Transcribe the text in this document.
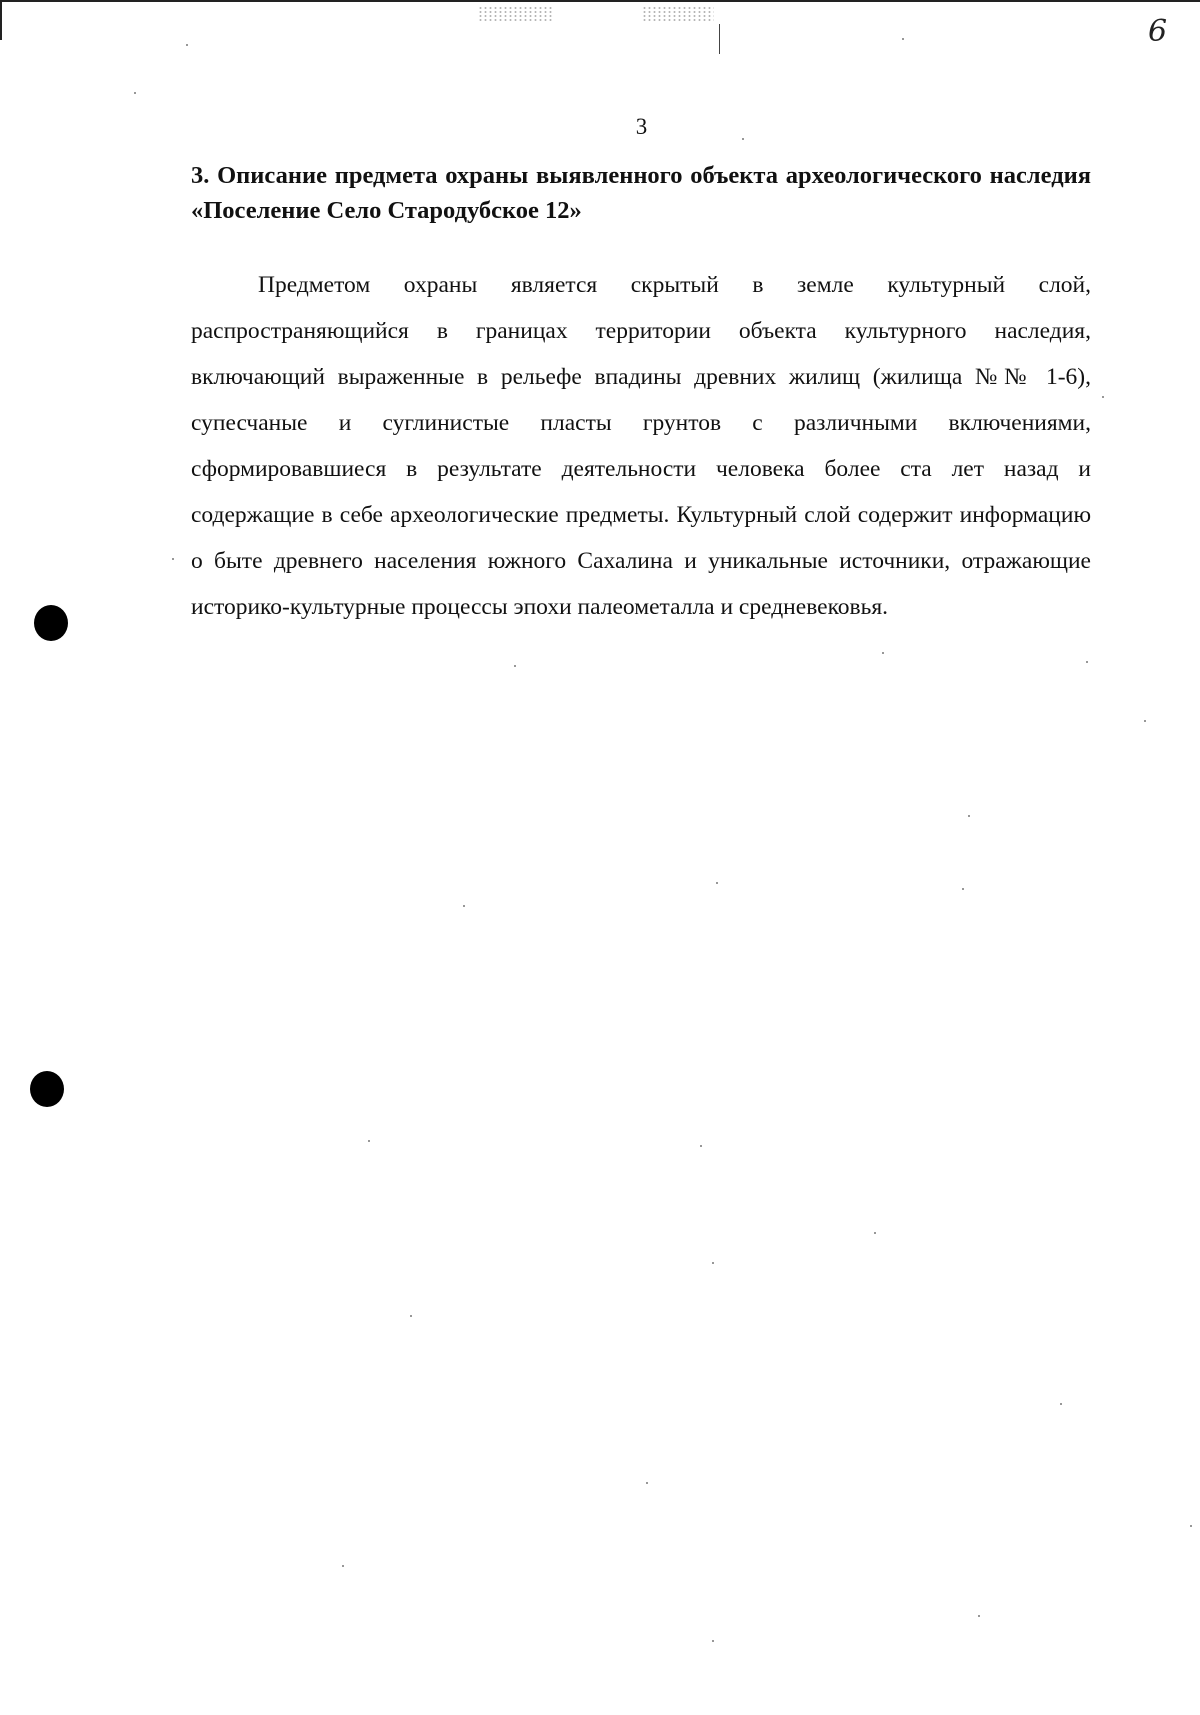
6
3
3. Описание предмета охраны выявленного объекта археологического наследия «Поселение Село Стародубское 12»

Предметом охраны является скрытый в земле культурный слой, распространяющийся в границах территории объекта культурного наследия, включающий выраженные в рельефе впадины древних жилищ (жилища №№ 1-6), супесчаные и суглинистые пласты грунтов с различными включениями, сформировавшиеся в результате деятельности человека более ста лет назад и содержащие в себе археологические предметы. Культурный слой содержит информацию о быте древнего населения южного Сахалина и уникальные источники, отражающие историко-культурные процессы эпохи палеометалла и средневековья.
